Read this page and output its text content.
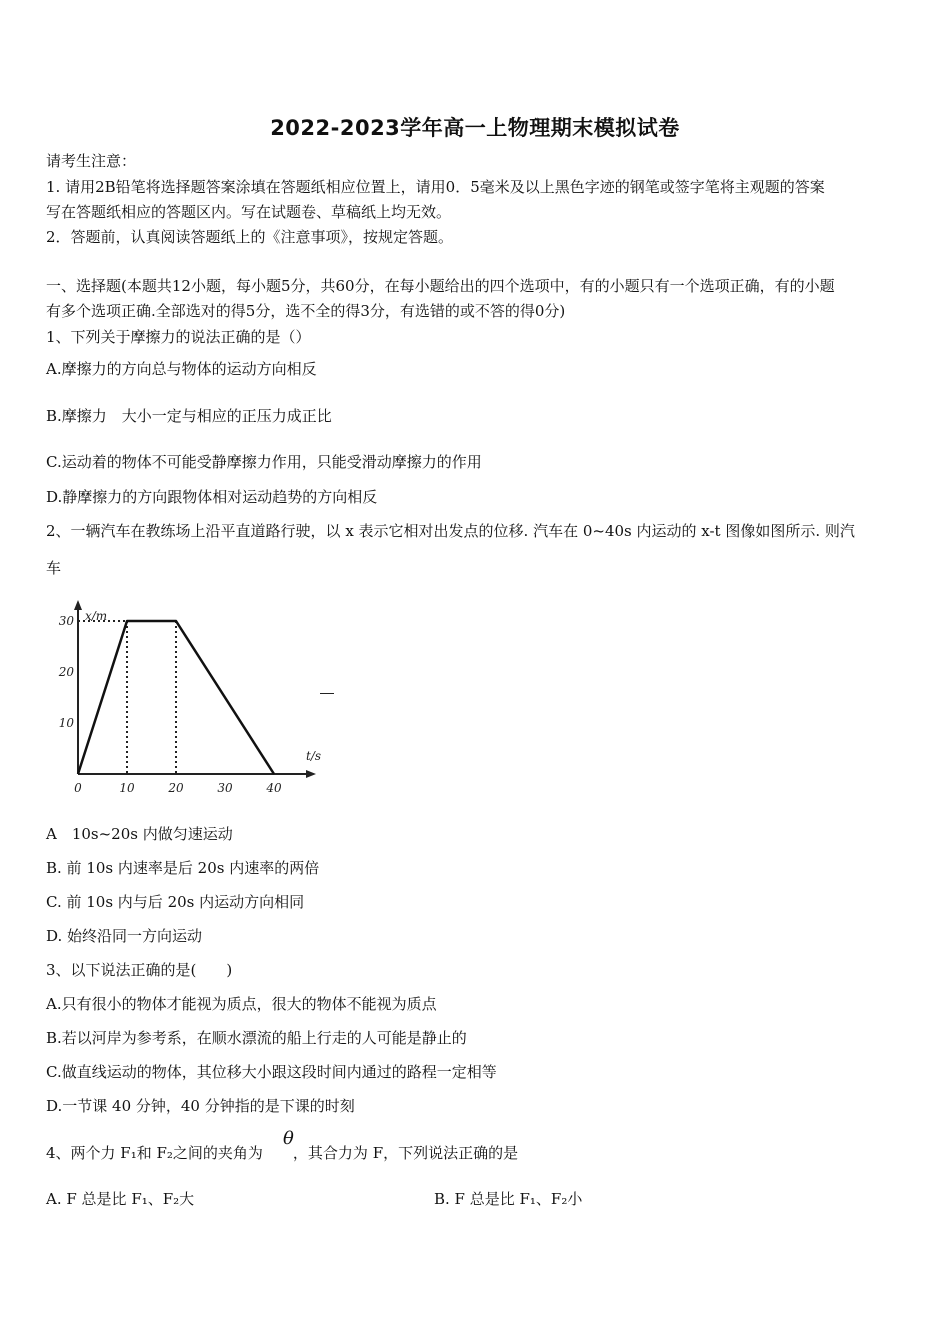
2022-2023学年高一上物理期末模拟试卷
请考生注意：
1. 请用2B铅笔将选择题答案涂填在答题纸相应位置上，请用0．5毫米及以上黑色字迹的钢笔或签字笔将主观题的答案
写在答题纸相应的答题区内。写在试题卷、草稿纸上均无效。
2．答题前，认真阅读答题纸上的《注意事项》，按规定答题。
一、选择题(本题共12小题，每小题5分，共60分，在每小题给出的四个选项中，有的小题只有一个选项正确，有的小题
有多个选项正确.全部选对的得5分，选不全的得3分，有选错的或不答的得0分)
1、下列关于摩擦力的说法正确的是（）
A.摩擦力的方向总与物体的运动方向相反
B.摩擦力　大小一定与相应的正压力成正比
C.运动着的物体不可能受静摩擦力作用，只能受滑动摩擦力的作用
D.静摩擦力的方向跟物体相对运动趋势的方向相反
2、一辆汽车在教练场上沿平直道路行驶，以 x 表示它相对出发点的位移. 汽车在 0~40s 内运动的 x-t 图像如图所示. 则汽
车
x/m
t/s
0	10	20	30	40
10
20
30
A　10s~20s 内做匀速运动
B. 前 10s 内速率是后 20s 内速率的两倍
C. 前 10s 内与后 20s 内运动方向相同
D. 始终沿同一方向运动
3、以下说法正确的是(　　)
A.只有很小的物体才能视为质点，很大的物体不能视为质点
B.若以河岸为参考系，在顺水漂流的船上行走的人可能是静止的
C.做直线运动的物体，其位移大小跟这段时间内通过的路程一定相等
D.一节课 40 分钟，40 分钟指的是下课的时刻
4、两个力 F₁和 F₂之间的夹角为　　，其合力为 F，下列说法正确的是
θ
A. F 总是比 F₁、F₂大	B. F 总是比 F₁、F₂小
